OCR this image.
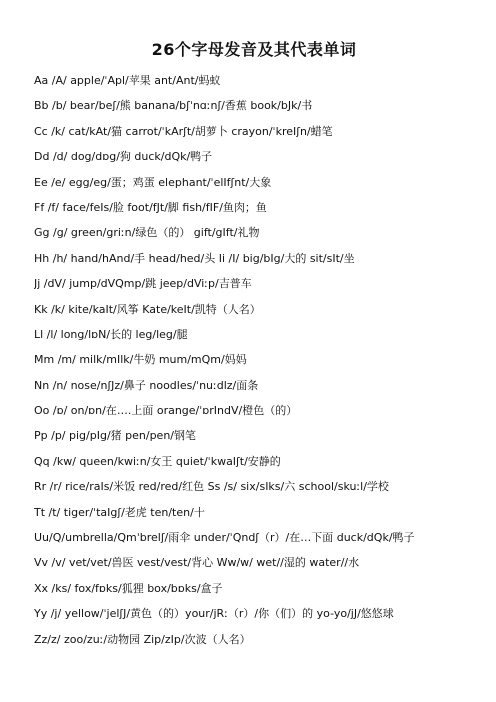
26个字母发音及其代表单词
Aa /A/ apple/ˈApl/苹果 ant/Ant/蚂蚁
Bb /b/ bear/beʃ/熊 banana/bʃˈnɑːnʃ/香蕉 book/bJk/书
Cc /k/ cat/kAt/猫 carrot/ˈkArʃt/胡萝卜 crayon/ˈkreIʃn/蜡笔
Dd /d/ dog/dɒg/狗 duck/dQk/鸭子
Ee /e/ egg/eg/蛋；鸡蛋 elephant/ˈelIfʃnt/大象
Ff /f/ face/feIs/脸 foot/fJt/脚 fish/fIF/鱼肉；鱼
Gg /g/ green/griːn/绿色（的） gift/gIft/礼物
Hh /h/ hand/hAnd/手 head/hed/头 Ii /I/ big/bIg/大的 sit/sIt/坐
Jj /dV/ jump/dVQmp/跳 jeep/dViːp/吉普车
Kk /k/ kite/kaIt/风筝 Kate/keIt/凯特（人名）
Ll /l/ long/lɒN/长的 leg/leg/腿
Mm /m/ milk/mIlk/牛奶 mum/mQm/妈妈
Nn /n/ nose/nʃJz/鼻子 noodles/ˈnuːdlz/面条
Oo /ɒ/ on/ɒn/在….上面 orange/ˈɒrIndV/橙色（的）
Pp /p/ pig/pIg/猪 pen/pen/钢笔
Qq /kw/ queen/kwiːn/女王 quiet/ˈkwaIʃt/安静的
Rr /r/ rice/raIs/米饭 red/red/红色 Ss /s/ six/sIks/六 school/skuːl/学校
Tt /t/ tiger/ˈtaIgʃ/老虎 ten/ten/十
Uu/Q/umbrella/Qmˈbrelʃ/雨伞 under/ˈQndʃ（r）/在…下面 duck/dQk/鸭子
Vv /v/ vet/vet/兽医 vest/vest/背心 Ww/w/ wet//湿的 water//水
Xx /ks/ fox/fɒks/狐狸 box/bɒks/盒子
Yy /j/ yellow/ˈjelʃJ/黄色（的）your/jRː（r）/你（们）的 yo-yo/jJ/悠悠球
Zz/z/ zoo/zuː/动物园 Zip/zIp/次波（人名）
